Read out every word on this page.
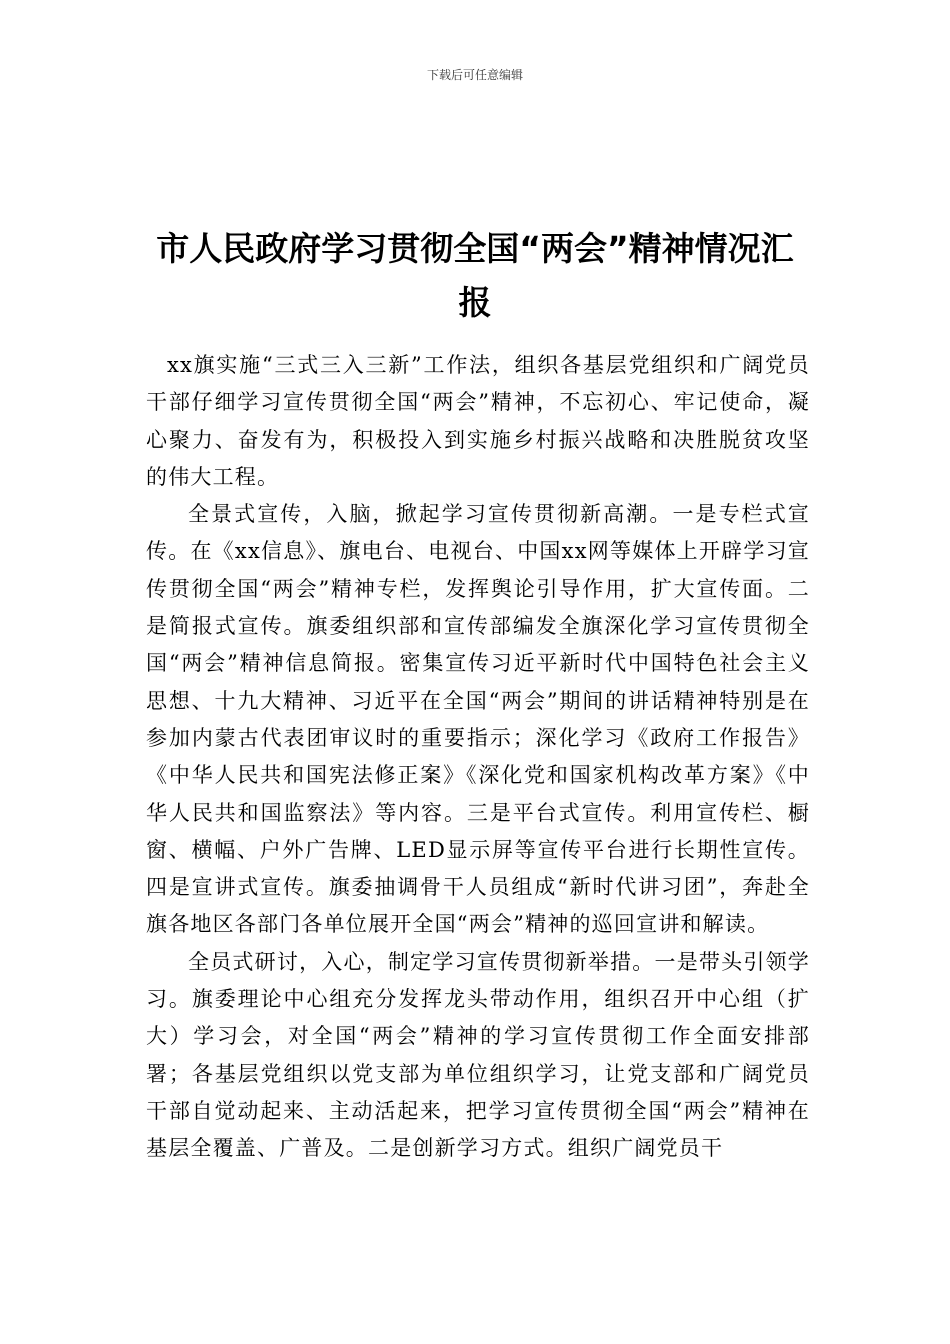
下载后可任意编辑
市人民政府学习贯彻全国“两会”精神情况汇报

xx旗实施“三式三入三新”工作法，组织各基层党组织和广阔党员干部仔细学习宣传贯彻全国“两会”精神，不忘初心、牢记使命，凝心聚力、奋发有为，积极投入到实施乡村振兴战略和决胜脱贫攻坚的伟大工程。

全景式宣传，入脑，掀起学习宣传贯彻新高潮。一是专栏式宣传。在《xx信息》、旗电台、电视台、中国xx网等媒体上开辟学习宣传贯彻全国“两会”精神专栏，发挥舆论引导作用，扩大宣传面。二是简报式宣传。旗委组织部和宣传部编发全旗深化学习宣传贯彻全国“两会”精神信息简报。密集宣传习近平新时代中国特色社会主义思想、十九大精神、习近平在全国“两会”期间的讲话精神特别是在参加内蒙古代表团审议时的重要指示；深化学习《政府工作报告》《中华人民共和国宪法修正案》《深化党和国家机构改革方案》《中华人民共和国监察法》等内容。三是平台式宣传。利用宣传栏、橱窗、横幅、户外广告牌、LED显示屏等宣传平台进行长期性宣传。四是宣讲式宣传。旗委抽调骨干人员组成“新时代讲习团”，奔赴全旗各地区各部门各单位展开全国“两会”精神的巡回宣讲和解读。

全员式研讨，入心，制定学习宣传贯彻新举措。一是带头引领学习。旗委理论中心组充分发挥龙头带动作用，组织召开中心组（扩大）学习会，对全国“两会”精神的学习宣传贯彻工作全面安排部署；各基层党组织以党支部为单位组织学习，让党支部和广阔党员干部自觉动起来、主动活起来，把学习宣传贯彻全国“两会”精神在基层全覆盖、广普及。二是创新学习方式。组织广阔党员干
